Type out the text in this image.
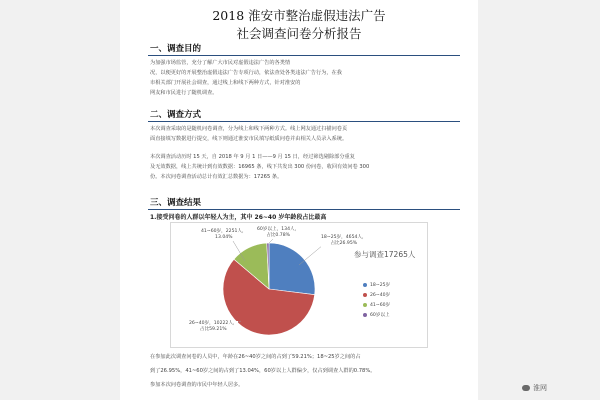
2018 淮安市整治虚假违法广告
社会调查问卷分析报告
一、调查目的
为加强市场监管，充分了解广大市民对虚假违法广告的各类情
况，以便更好的开展整治虚假违法广告专项行动，依法查处各类违法广告行为，在我
市相关部门开展社会调查，通过线上和线下两种方式，针对淮安的
网友和市民进行了随机调查。
二、调查方式
本次调查采取的是随机问卷调查，分为线上和线下两种方式。线上网友通过扫描问卷页
面直接填写数据进行提交，线下则通过淮安市民填写纸质问卷并由相关人员录入系统。
本次调查活动历时 15 天，自 2018 年 9 月 1 日——9 月 15 日，经过筛选剔除部分重复
及无效数据，线上共统计到有效数据：16965 条，线下共发出 300 份问卷，收回有效问卷 300
份。本次问卷调查活动总计有效汇总数据为：17265 条。
三、调查结果
1.接受问卷的人群以年轻人为主，其中 26~40 岁年龄段占比最高
18~25岁，4654人，
占比26.95%
26~40岁，10222人，
占比59.21%
41~60岁，2251人，
13.04%
60岁以上，134人，
占比0.78%
参与调查17265人
18~25岁
26~40岁
41~60岁
60岁以上
在参加此次调查问卷的人员中，年龄在26~40岁之间的占到了59.21%；18~25岁之间的占
到了26.95%，41~60岁之间的占到了13.04%，60岁以上人群偏少，仅占到调查人群的0.78%。
参加本次问卷调查的市民中年轻人居多。	淮网
